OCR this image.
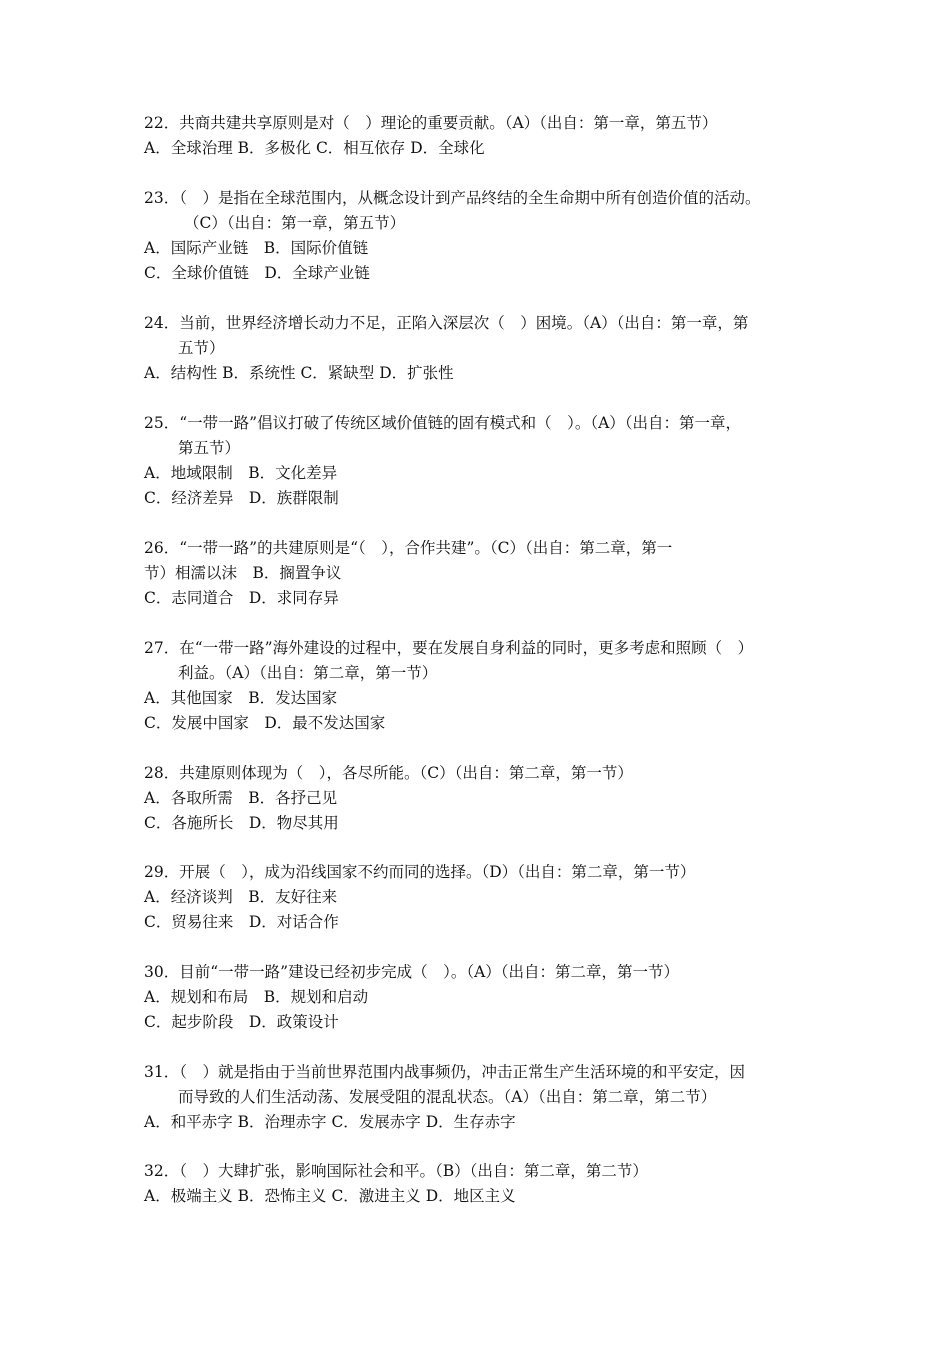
22．共商共建共享原则是对（　）理论的重要贡献。（A）（出自：第一章，第五节）
A．全球治理 B．多极化 C．相互依存 D．全球化
23．（　）是指在全球范围内，从概念设计到产品终结的全生命期中所有创造价值的活动。
（C）（出自：第一章，第五节）
A．国际产业链　B．国际价值链
C．全球价值链　D．全球产业链
24．当前，世界经济增长动力不足，正陷入深层次（　）困境。（A）（出自：第一章，第
五节）
A．结构性 B．系统性 C．紧缺型 D．扩张性
25．“一带一路”倡议打破了传统区域价值链的固有模式和（　）。（A）（出自：第一章，
第五节）
A．地域限制　B．文化差异
C．经济差异　D．族群限制
26．“一带一路”的共建原则是“（　），合作共建”。（C）（出自：第二章，第一
节）相濡以沫　B．搁置争议
C．志同道合　D．求同存异
27．在“一带一路”海外建设的过程中，要在发展自身利益的同时，更多考虑和照顾（　）
利益。（A）（出自：第二章，第一节）
A．其他国家　B．发达国家
C．发展中国家　D．最不发达国家
28．共建原则体现为（　），各尽所能。（C）（出自：第二章，第一节）
A．各取所需　B．各抒己见
C．各施所长　D．物尽其用
29．开展（　），成为沿线国家不约而同的选择。（D）（出自：第二章，第一节）
A．经济谈判　B．友好往来
C．贸易往来　D．对话合作
30．目前“一带一路”建设已经初步完成（　）。（A）（出自：第二章，第一节）
A．规划和布局　B．规划和启动
C．起步阶段　D．政策设计
31．（　）就是指由于当前世界范围内战事频仍，冲击正常生产生活环境的和平安定，因
而导致的人们生活动荡、发展受阻的混乱状态。（A）（出自：第二章，第二节）
A．和平赤字 B．治理赤字 C．发展赤字 D．生存赤字
32．（　）大肆扩张，影响国际社会和平。（B）（出自：第二章，第二节）
A．极端主义 B．恐怖主义 C．激进主义 D．地区主义
